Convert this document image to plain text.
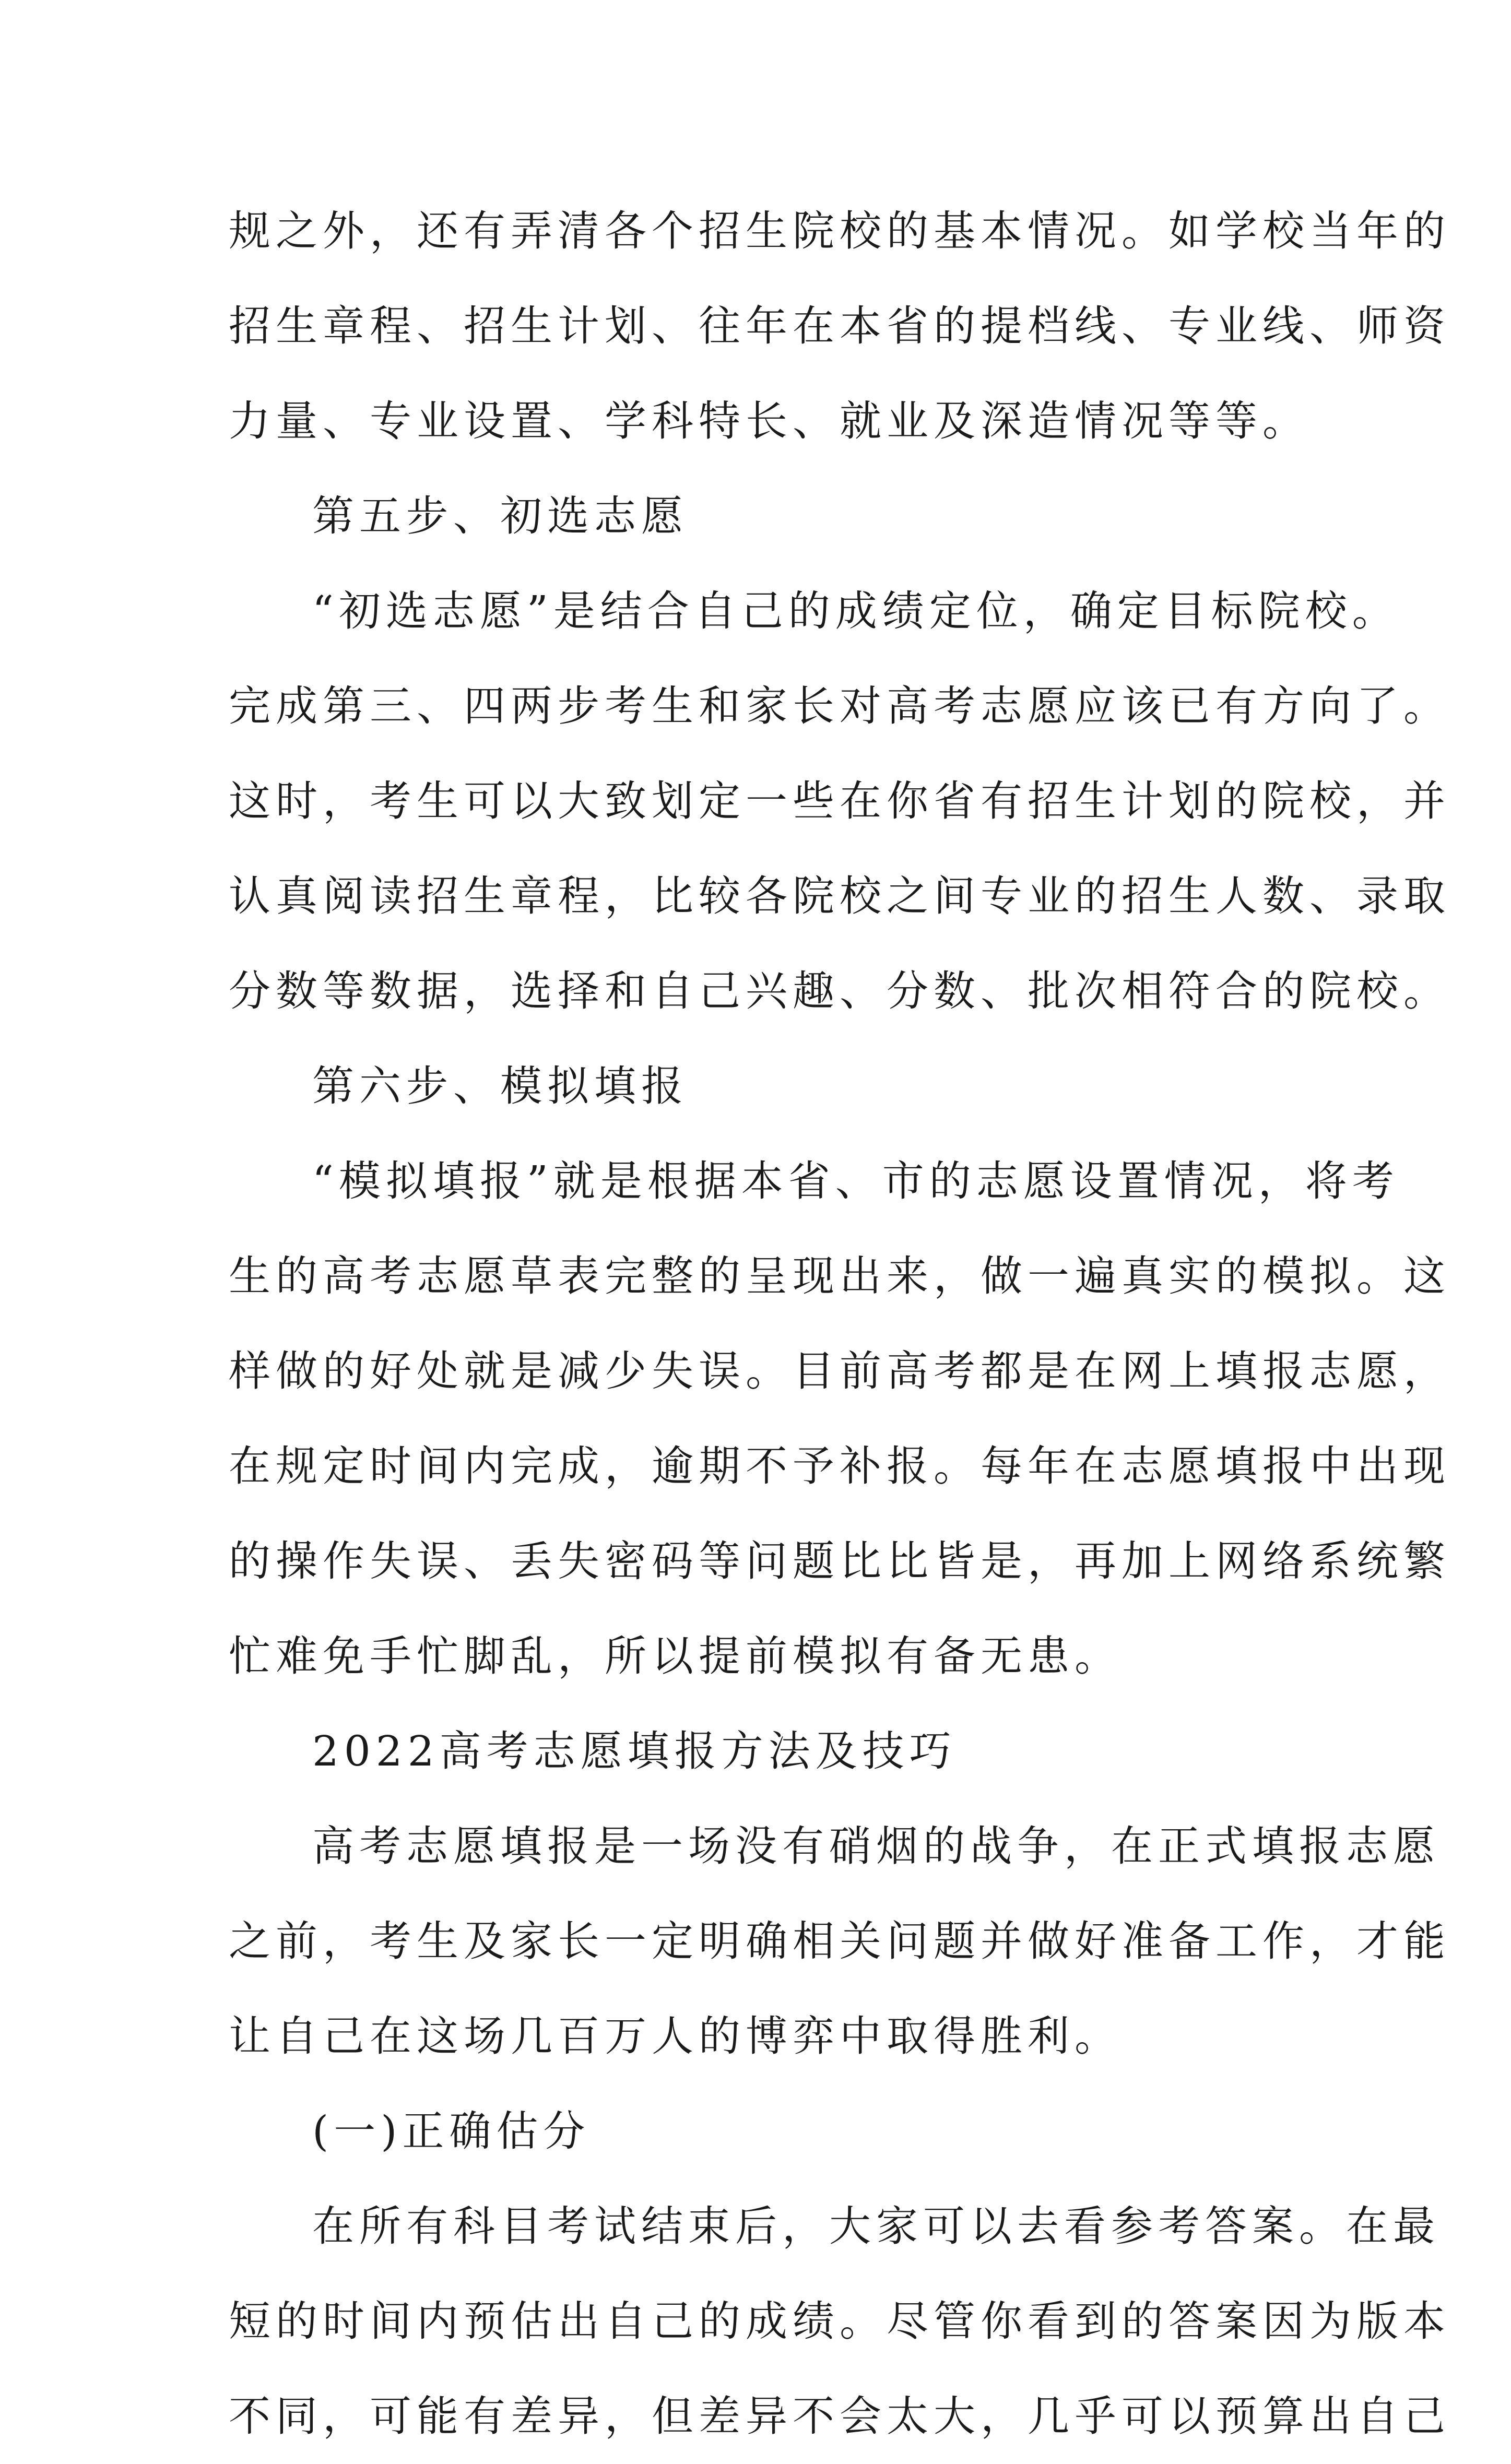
规之外，还有弄清各个招生院校的基本情况。如学校当年的
招生章程、招生计划、往年在本省的提档线、专业线、师资
力量、专业设置、学科特长、就业及深造情况等等。
第五步、初选志愿
“初选志愿”是结合自己的成绩定位，确定目标院校。
完成第三、四两步考生和家长对高考志愿应该已有方向了。
这时，考生可以大致划定一些在你省有招生计划的院校，并
认真阅读招生章程，比较各院校之间专业的招生人数、录取
分数等数据，选择和自己兴趣、分数、批次相符合的院校。
第六步、模拟填报
“模拟填报”就是根据本省、市的志愿设置情况，将考
生的高考志愿草表完整的呈现出来，做一遍真实的模拟。这
样做的好处就是减少失误。目前高考都是在网上填报志愿，
在规定时间内完成，逾期不予补报。每年在志愿填报中出现
的操作失误、丢失密码等问题比比皆是，再加上网络系统繁
忙难免手忙脚乱，所以提前模拟有备无患。
2022高考志愿填报方法及技巧
高考志愿填报是一场没有硝烟的战争，在正式填报志愿
之前，考生及家长一定明确相关问题并做好准备工作，才能
让自己在这场几百万人的博弈中取得胜利。
(一)正确估分
在所有科目考试结束后，大家可以去看参考答案。在最
短的时间内预估出自己的成绩。尽管你看到的答案因为版本
不同，可能有差异，但差异不会太大，几乎可以预算出自己
